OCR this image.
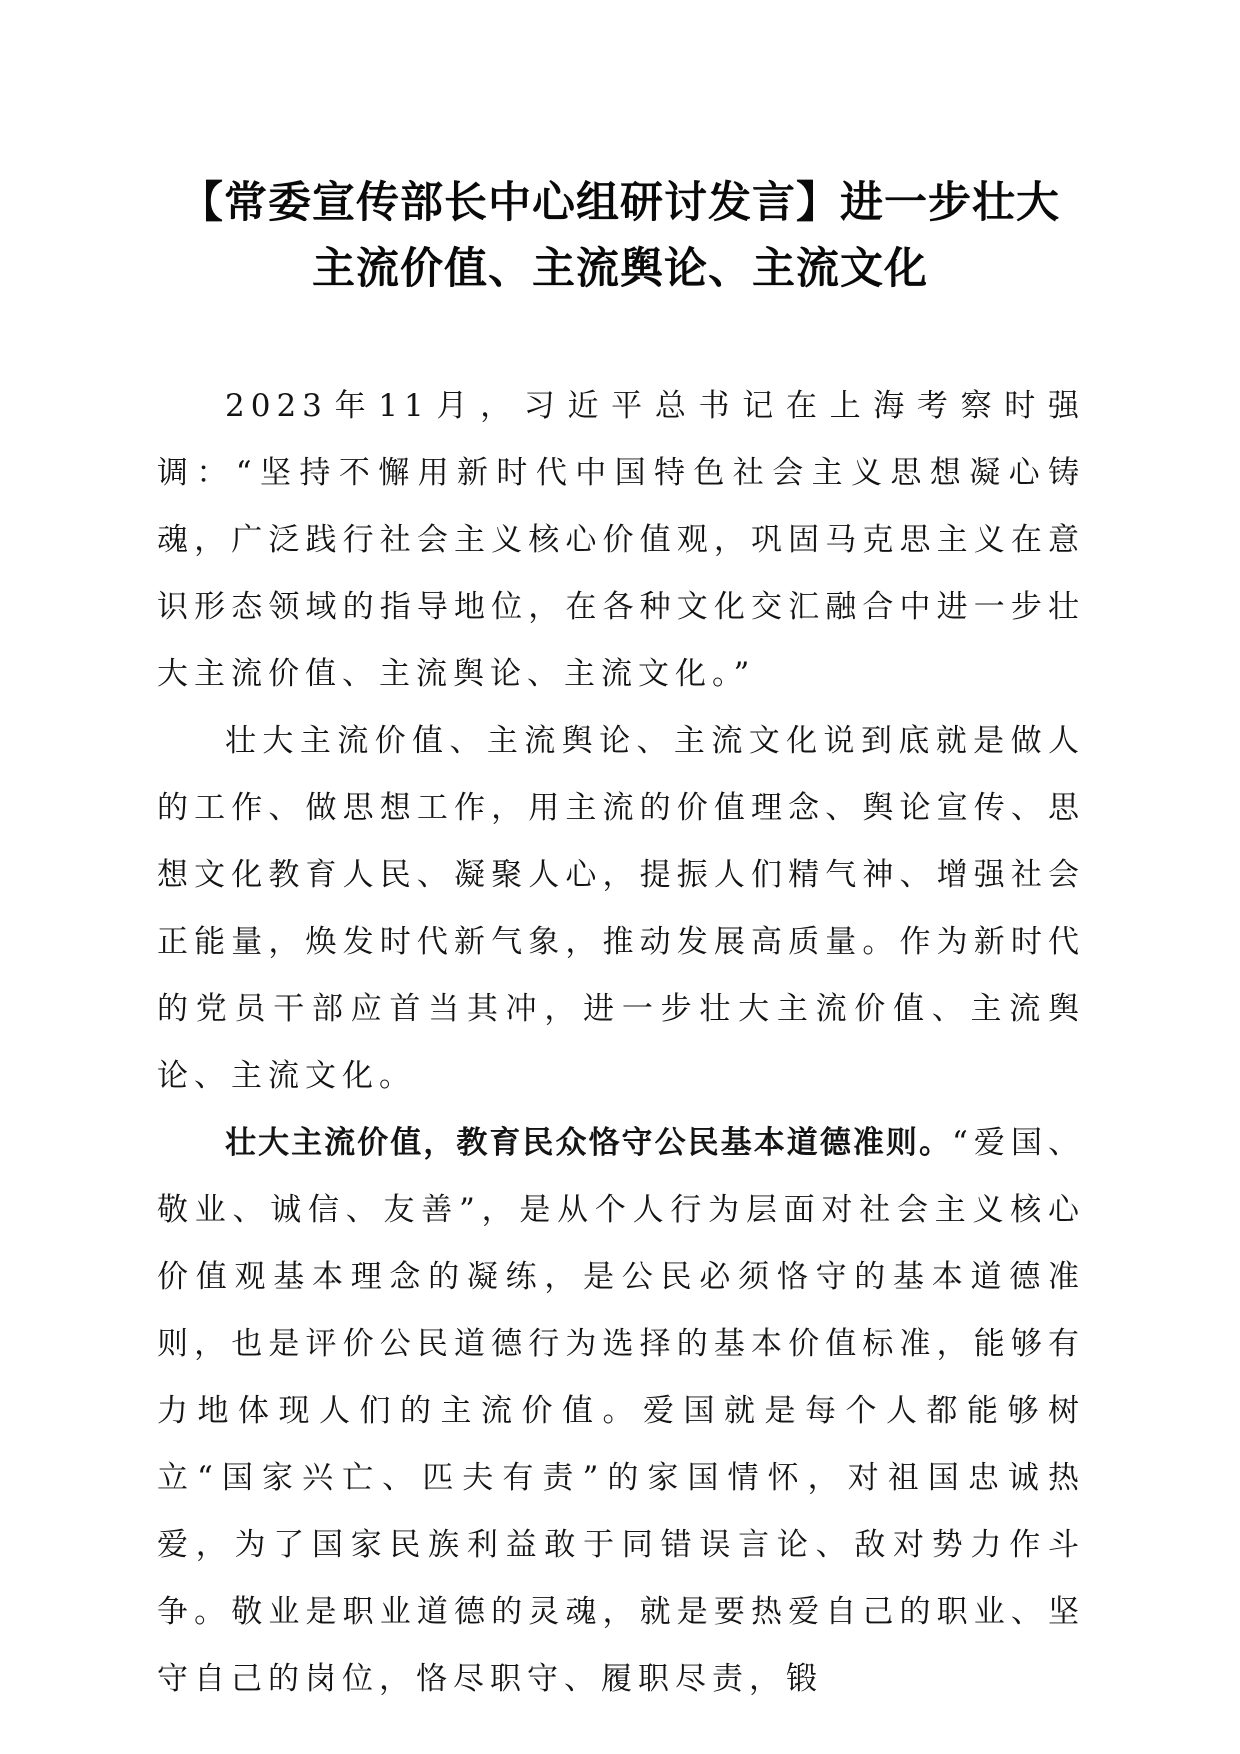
【常委宣传部长中心组研讨发言】进一步壮大
主流价值、主流舆论、主流文化

2023年11月，习近平总书记在上海考察时强调：“坚持不懈用新时代中国特色社会主义思想凝心铸魂，广泛践行社会主义核心价值观，巩固马克思主义在意识形态领域的指导地位，在各种文化交汇融合中进一步壮大主流价值、主流舆论、主流文化。”

壮大主流价值、主流舆论、主流文化说到底就是做人的工作、做思想工作，用主流的价值理念、舆论宣传、思想文化教育人民、凝聚人心，提振人们精气神、增强社会正能量，焕发时代新气象，推动发展高质量。作为新时代的党员干部应首当其冲，进一步壮大主流价值、主流舆论、主流文化。

壮大主流价值，教育民众恪守公民基本道德准则。“爱国、敬业、诚信、友善”，是从个人行为层面对社会主义核心价值观基本理念的凝练，是公民必须恪守的基本道德准则，也是评价公民道德行为选择的基本价值标准，能够有力地体现人们的主流价值。爱国就是每个人都能够树立“国家兴亡、匹夫有责”的家国情怀，对祖国忠诚热爱，为了国家民族利益敢于同错误言论、敌对势力作斗争。敬业是职业道德的灵魂，就是要热爱自己的职业、坚守自己的岗位，恪尽职守、履职尽责，锻
